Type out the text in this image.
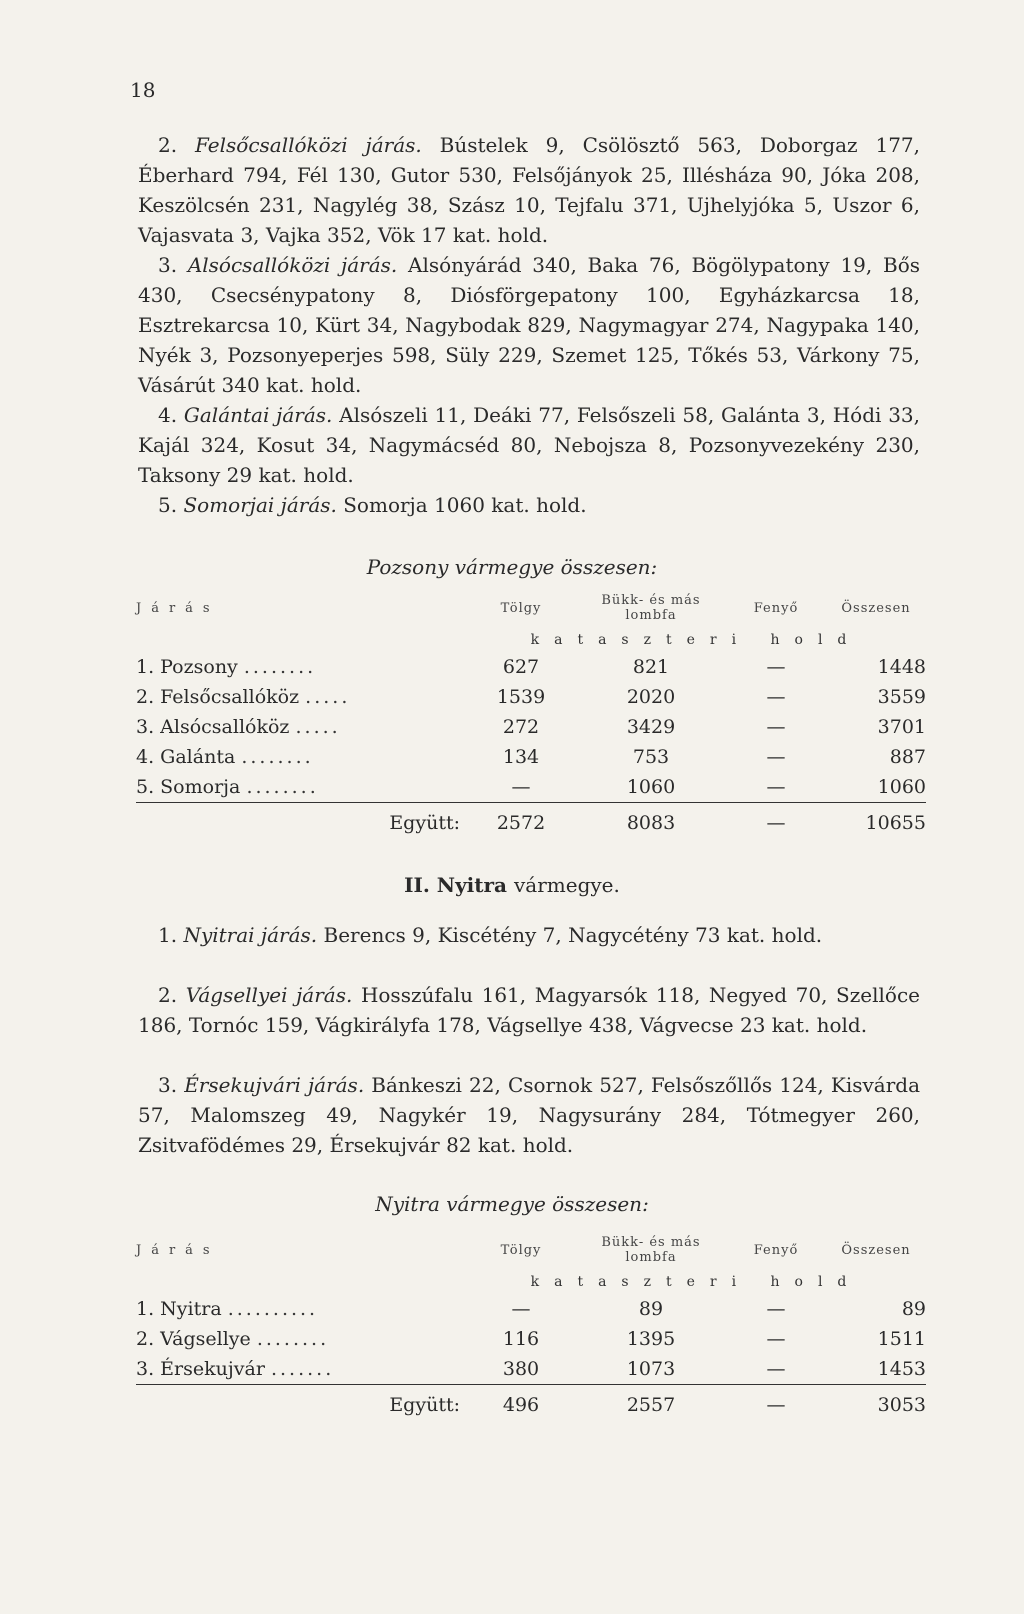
18

2. Felsőcsallóközi járás. Bústelek 9, Csölösztő 563, Doborgaz 177, Éberhard 794, Fél 130, Gutor 530, Felsőjányok 25, Illésháza 90, Jóka 208, Keszölcsén 231, Nagylég 38, Szász 10, Tejfalu 371, Ujhelyjóka 5, Uszor 6, Vajasvata 3, Vajka 352, Vök 17 kat. hold.

3. Alsócsallóközi járás. Alsónyárád 340, Baka 76, Bögölypatony 19, Bős 430, Csecsénypatony 8, Diósförgepatony 100, Egyházkarcsa 18, Esztrekarcsa 10, Kürt 34, Nagybodak 829, Nagymagyar 274, Nagypaka 140, Nyék 3, Pozsonyeperjes 598, Süly 229, Szemet 125, Tőkés 53, Várkony 75, Vásárút 340 kat. hold.

4. Galántai járás. Alsószeli 11, Deáki 77, Felsőszeli 58, Galánta 3, Hódi 33, Kajál 324, Kosut 34, Nagymácséd 80, Nebojsza 8, Pozsonyvezekény 230, Taksony 29 kat. hold.

5. Somorjai járás. Somorja 1060 kat. hold.

Pozsony vármegye összesen:
Járás	Tölgy	Bükk- és más lombfa	Fenyő	Összesen
	kataszteri hold			
1. Pozsony ........	627	821	—	1448
2. Felsőcsallóköz .....	1539	2020	—	3559
3. Alsócsallóköz .....	272	3429	—	3701
4. Galánta ........	134	753	—	887
5. Somorja ........	—	1060	—	1060
Együtt:	2572	8083	—	10655
II. Nyitra vármegye.

1. Nyitrai járás. Berencs 9, Kiscétény 7, Nagycétény 73 kat. hold.

2. Vágsellyei járás. Hosszúfalu 161, Magyarsók 118, Negyed 70, Szellőce 186, Tornóc 159, Vágkirályfa 178, Vágsellye 438, Vágvecse 23 kat. hold.

3. Érsekujvári járás. Bánkeszi 22, Csornok 527, Felsőszőllős 124, Kisvárda 57, Malomszeg 49, Nagykér 19, Nagysurány 284, Tótmegyer 260, Zsitvafödémes 29, Érsekujvár 82 kat. hold.

Nyitra vármegye összesen:
Járás	Tölgy	Bükk- és más lombfa	Fenyő	Összesen
	kataszteri hold			
1. Nyitra ..........	—	89	—	89
2. Vágsellye ........	116	1395	—	1511
3. Érsekujvár .......	380	1073	—	1453
Együtt:	496	2557	—	3053
